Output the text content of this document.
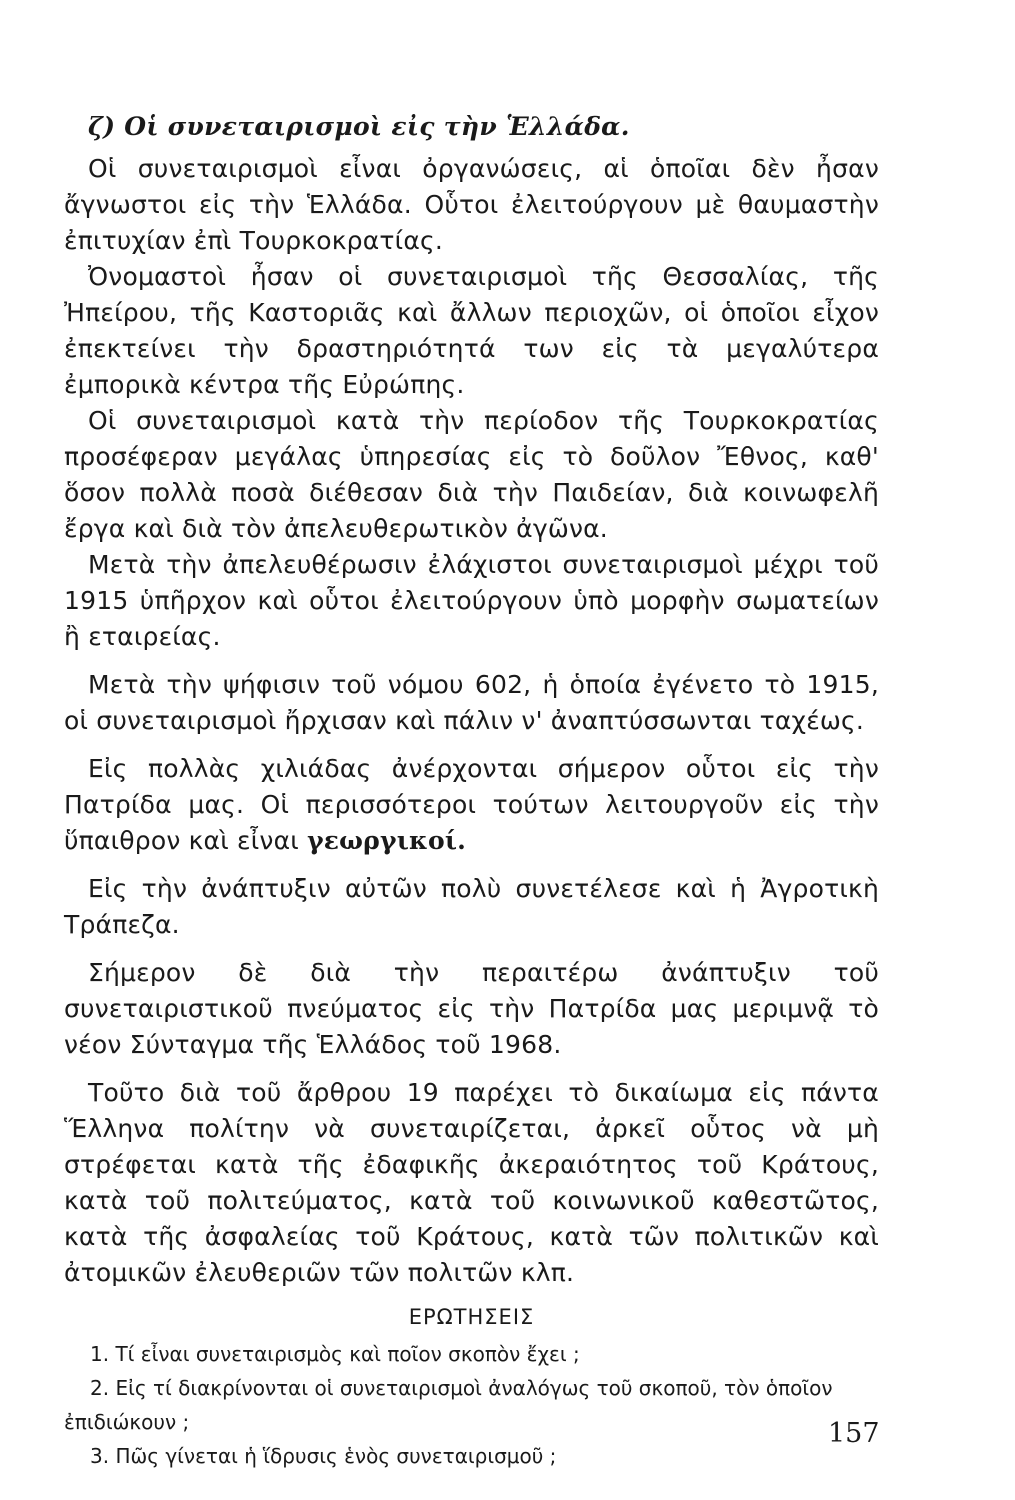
ζ) Οἱ συνεταιρισμοὶ εἰς τὴν Ἑλλάδα.

Οἱ συνεταιρισμοὶ εἶναι ὀργανώσεις, αἱ ὁποῖαι δὲν ἦσαν ἄγνωστοι εἰς τὴν Ἑλλάδα. Οὗτοι ἐλειτούργουν μὲ θαυμαστὴν ἐπιτυχίαν ἐπὶ Τουρκοκρατίας.

Ὀνομαστοὶ ἦσαν οἱ συνεταιρισμοὶ τῆς Θεσσαλίας, τῆς Ἠπείρου, τῆς Καστοριᾶς καὶ ἄλλων περιοχῶν, οἱ ὁποῖοι εἶχον ἐπεκτείνει τὴν δραστηριότητά των εἰς τὰ μεγαλύτερα ἐμπορικὰ κέντρα τῆς Εὐρώπης.

Οἱ συνεταιρισμοὶ κατὰ τὴν περίοδον τῆς Τουρκοκρατίας προσέφεραν μεγάλας ὑπηρεσίας εἰς τὸ δοῦλον Ἔθνος, καθ' ὅσον πολλὰ ποσὰ διέθεσαν διὰ τὴν Παιδείαν, διὰ κοινωφελῆ ἔργα καὶ διὰ τὸν ἀπελευθερωτικὸν ἀγῶνα.

Μετὰ τὴν ἀπελευθέρωσιν ἐλάχιστοι συνεταιρισμοὶ μέχρι τοῦ 1915 ὑπῆρχον καὶ οὗτοι ἐλειτούργουν ὑπὸ μορφὴν σωματείων ἢ εταιρείας.

Μετὰ τὴν ψήφισιν τοῦ νόμου 602, ἡ ὁποία ἐγένετο τὸ 1915, οἱ συνεταιρισμοὶ ἤρχισαν καὶ πάλιν ν' ἀναπτύσσωνται ταχέως.

Εἰς πολλὰς χιλιάδας ἀνέρχονται σήμερον οὗτοι εἰς τὴν Πατρίδα μας. Οἱ περισσότεροι τούτων λειτουργοῦν εἰς τὴν ὕπαιθρον καὶ εἶναι γεωργικοί.

Εἰς τὴν ἀνάπτυξιν αὐτῶν πολὺ συνετέλεσε καὶ ἡ Ἀγροτικὴ Τράπεζα.

Σήμερον δὲ διὰ τὴν περαιτέρω ἀνάπτυξιν τοῦ συνεταιριστικοῦ πνεύματος εἰς τὴν Πατρίδα μας μεριμνᾷ τὸ νέον Σύνταγμα τῆς Ἑλλάδος τοῦ 1968.

Τοῦτο διὰ τοῦ ἄρθρου 19 παρέχει τὸ δικαίωμα εἰς πάντα Ἕλληνα πολίτην νὰ συνεταιρίζεται, ἀρκεῖ οὗτος νὰ μὴ στρέφεται κατὰ τῆς ἐδαφικῆς ἀκεραιότητος τοῦ Κράτους, κατὰ τοῦ πολιτεύματος, κατὰ τοῦ κοινωνικοῦ καθεστῶτος, κατὰ τῆς ἀσφαλείας τοῦ Κράτους, κατὰ τῶν πολιτικῶν καὶ ἀτομικῶν ἐλευθεριῶν τῶν πολιτῶν κλπ.

ΕΡΩΤΗΣΕΙΣ

1. Τί εἶναι συνεταιρισμὸς καὶ ποῖον σκοπὸν ἔχει ;

2. Εἰς τί διακρίνονται οἱ συνεταιρισμοὶ ἀναλόγως τοῦ σκοποῦ, τὸν ὁποῖον ἐπιδιώκουν ;

3. Πῶς γίνεται ἡ ἵδρυσις ἑνὸς συνεταιρισμοῦ ;

157
